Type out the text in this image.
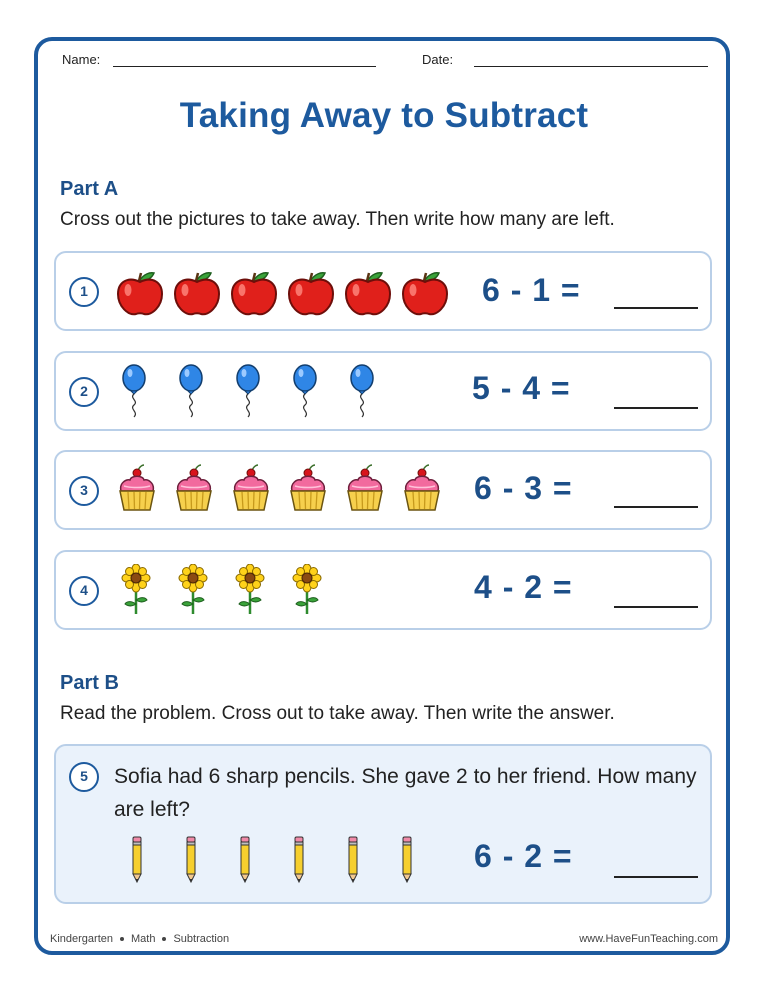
Name:	Date:
Taking Away to Subtract
Part A
Cross out the pictures to take away. Then write how many are left.
1	6 - 1 =
2	5 - 4 =
3	6 - 3 =
4	4 - 2 =
Part B
Read the problem. Cross out to take away. Then write the answer.
5	Sofia had 6 sharp pencils. She gave 2 to her friend. How many are left?
6 - 2 =
Kindergarten Math Subtraction	www.HaveFunTeaching.com
